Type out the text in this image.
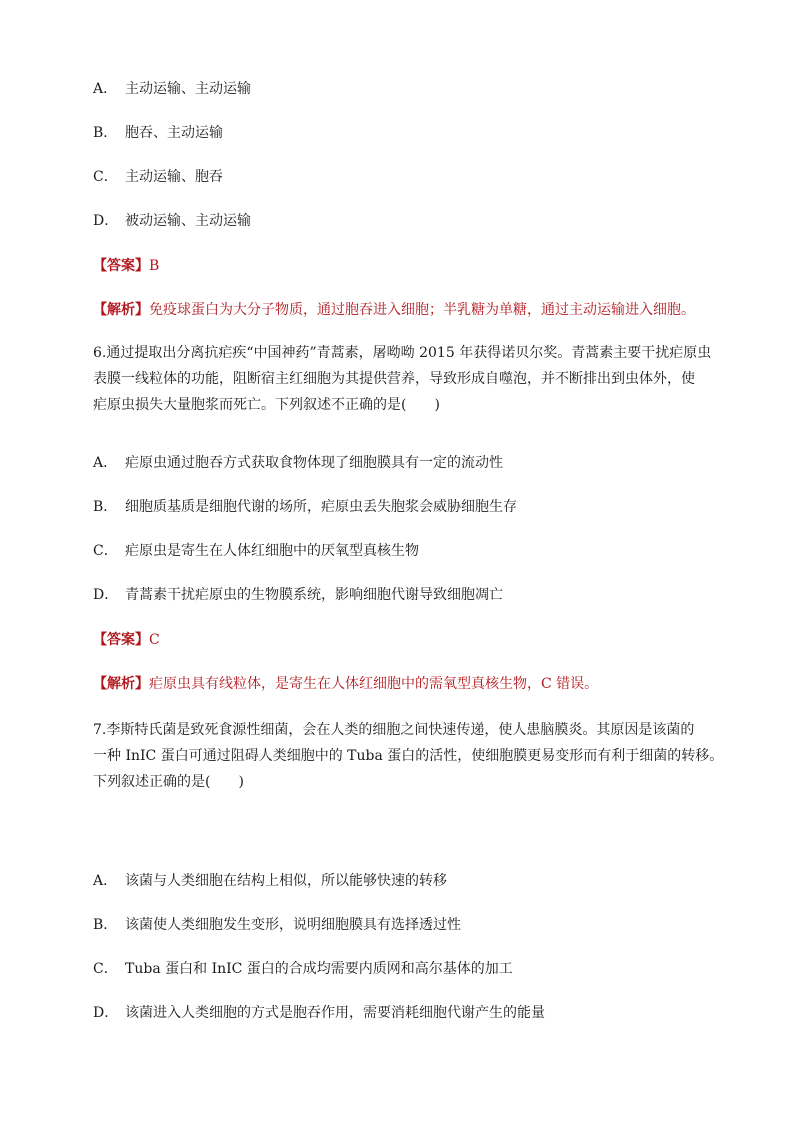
A． 主动运输、主动运输
B． 胞吞、主动运输
C． 主动运输、胞吞
D． 被动运输、主动运输
【答案】B
【解析】免疫球蛋白为大分子物质，通过胞吞进入细胞；半乳糖为单糖，通过主动运输进入细胞。

6.通过提取出分离抗疟疾“中国神药”青蒿素，屠呦呦 2015 年获得诺贝尔奖。青蒿素主要干扰疟原虫

表膜一线粒体的功能，阻断宿主红细胞为其提供营养，导致形成自噬泡，并不断排出到虫体外，使

疟原虫损失大量胞浆而死亡。下列叙述不正确的是(　　)

A． 疟原虫通过胞吞方式获取食物体现了细胞膜具有一定的流动性
B． 细胞质基质是细胞代谢的场所，疟原虫丢失胞浆会威胁细胞生存
C． 疟原虫是寄生在人体红细胞中的厌氧型真核生物
D． 青蒿素干扰疟原虫的生物膜系统，影响细胞代谢导致细胞凋亡
【答案】C
【解析】疟原虫具有线粒体，是寄生在人体红细胞中的需氧型真核生物，C 错误。

7.李斯特氏菌是致死食源性细菌，会在人类的细胞之间快速传递，使人患脑膜炎。其原因是该菌的

一种 InIC 蛋白可通过阻碍人类细胞中的 Tuba 蛋白的活性，使细胞膜更易变形而有利于细菌的转移。

下列叙述正确的是(　　)

A． 该菌与人类细胞在结构上相似，所以能够快速的转移
B． 该菌使人类细胞发生变形，说明细胞膜具有选择透过性
C． Tuba 蛋白和 InIC 蛋白的合成均需要内质网和高尔基体的加工
D． 该菌进入人类细胞的方式是胞吞作用，需要消耗细胞代谢产生的能量
